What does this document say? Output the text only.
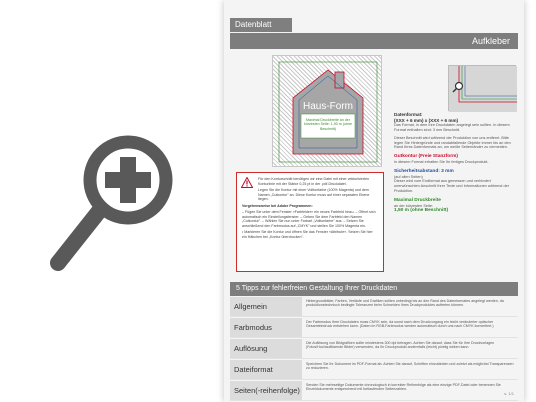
Datenblatt
Aufkleber
Haus-Form
Maximal Druckbreite an der kürzesten Seite: 1,50 m (ohne Beschnitt)
Datenformat:
(XXX + 6 mm) x (XXX + 6 mm)
Das Format, in dem Ihre Druckdaten angelegt sein sollten. In diesem Format enthalten sind: 3 mm Beschnitt.
Dieser Beschnitt wird während der Produktion von uns entfernt. Bitte legen Sie Hintergründe und randabfallende Objekte immer bis an den Rand Ihres Datenformats an, um weiße Seitenränder zu vermeiden.
Gutkontur (Freie Stanzform)
In diesem Format erhalten Sie Ihr fertiges Druckprodukt.
Sicherheitsabstand: 3 mm
(auf allen Seiten)
Dieser wird vom Endformat aus gemessen und verhindert unerwünschten Anschnitt Ihrer Texte und Informationen während der Produktion.
Maximal Druckbreite
an der kürzesten Seite:
1,50 m (ohne Beschnitt)

Für den Konturschnitt benötigen wir eine Datei mit einer vektorisierten Konturlinie mit der Stärke 0,25 pt in der .pdf-Druckdatei.

Legen Sie die Kontur mit einer Volltonfarbe (100% Magenta) und dem Namen „Cutkontur" an. Diese Kontur muss auf einer separaten Ebene liegen.

Vorgehensweise bei Adobe Programmen:

– Fügen Sie unter dem Fenster »Farbfelder« ein neues Farbfeld hinzu. – Öffnet sich automatisch ein Einstellungsfenster. – Geben Sie dem Farbfeld den Namen „Cutkontur". – Wählen Sie nun unter Farbart „Volltonfarbe" aus. – Setzen Sie anschließend den Farbmodus auf „CMYK" und stellen Sie 100% Magenta ein.

• Markieren Sie die Kontur und öffnen Sie das Fenster »Attribute«. Setzen Sie hier ein Häkchen bei „Kontur überdrucken".

5 Tipps zur fehlerfreien Gestaltung Ihrer Druckdaten
Allgemein
Hintergrundbilder, Farben, Verläufe und Grafiken sollten unbedingt bis an den Rand des Datenformates angelegt werden, da produktionstechnisch bedingte Toleranzen beim Schneiden Ihres Druckproduktes auftreten können.
Farbmodus
Der Farbmodus Ihrer Druckdaten muss CMYK sein, da sonst nach dem Druckvorgang ein leicht veränderter optischer Gesamteindruck entstehen kann. (Daten im RGB-Farbmodus werden automatisch durch uns nach CMYK konvertiert.)
Auflösung
Die Auflösung von Bildgrafiken sollte mindestens 300 dpi betragen. Achten Sie darauf, dass Sie für Ihre Druckvorlagen (Fotos/Hochauflösende Bilder) verwenden, da Ihr Druckprodukt andernfalls (leicht) pixelig wirken kann.
Dateiformat
Speichern Sie Ihr Dokument im PDF-Format ab. Achten Sie darauf, Schriften einzubinden und zuletzt als möglichst Transparenzen zu reduzieren.
Seiten(-reihenfolge)
Senden Sie mehrseitige Dokumente chronologisch in korrekter Reihenfolge als eine einzige PDF-Datei oder benennen Sie Einzeldokumente entsprechend mit fortlaufenden Seitenzahlen.
s. 1/1
